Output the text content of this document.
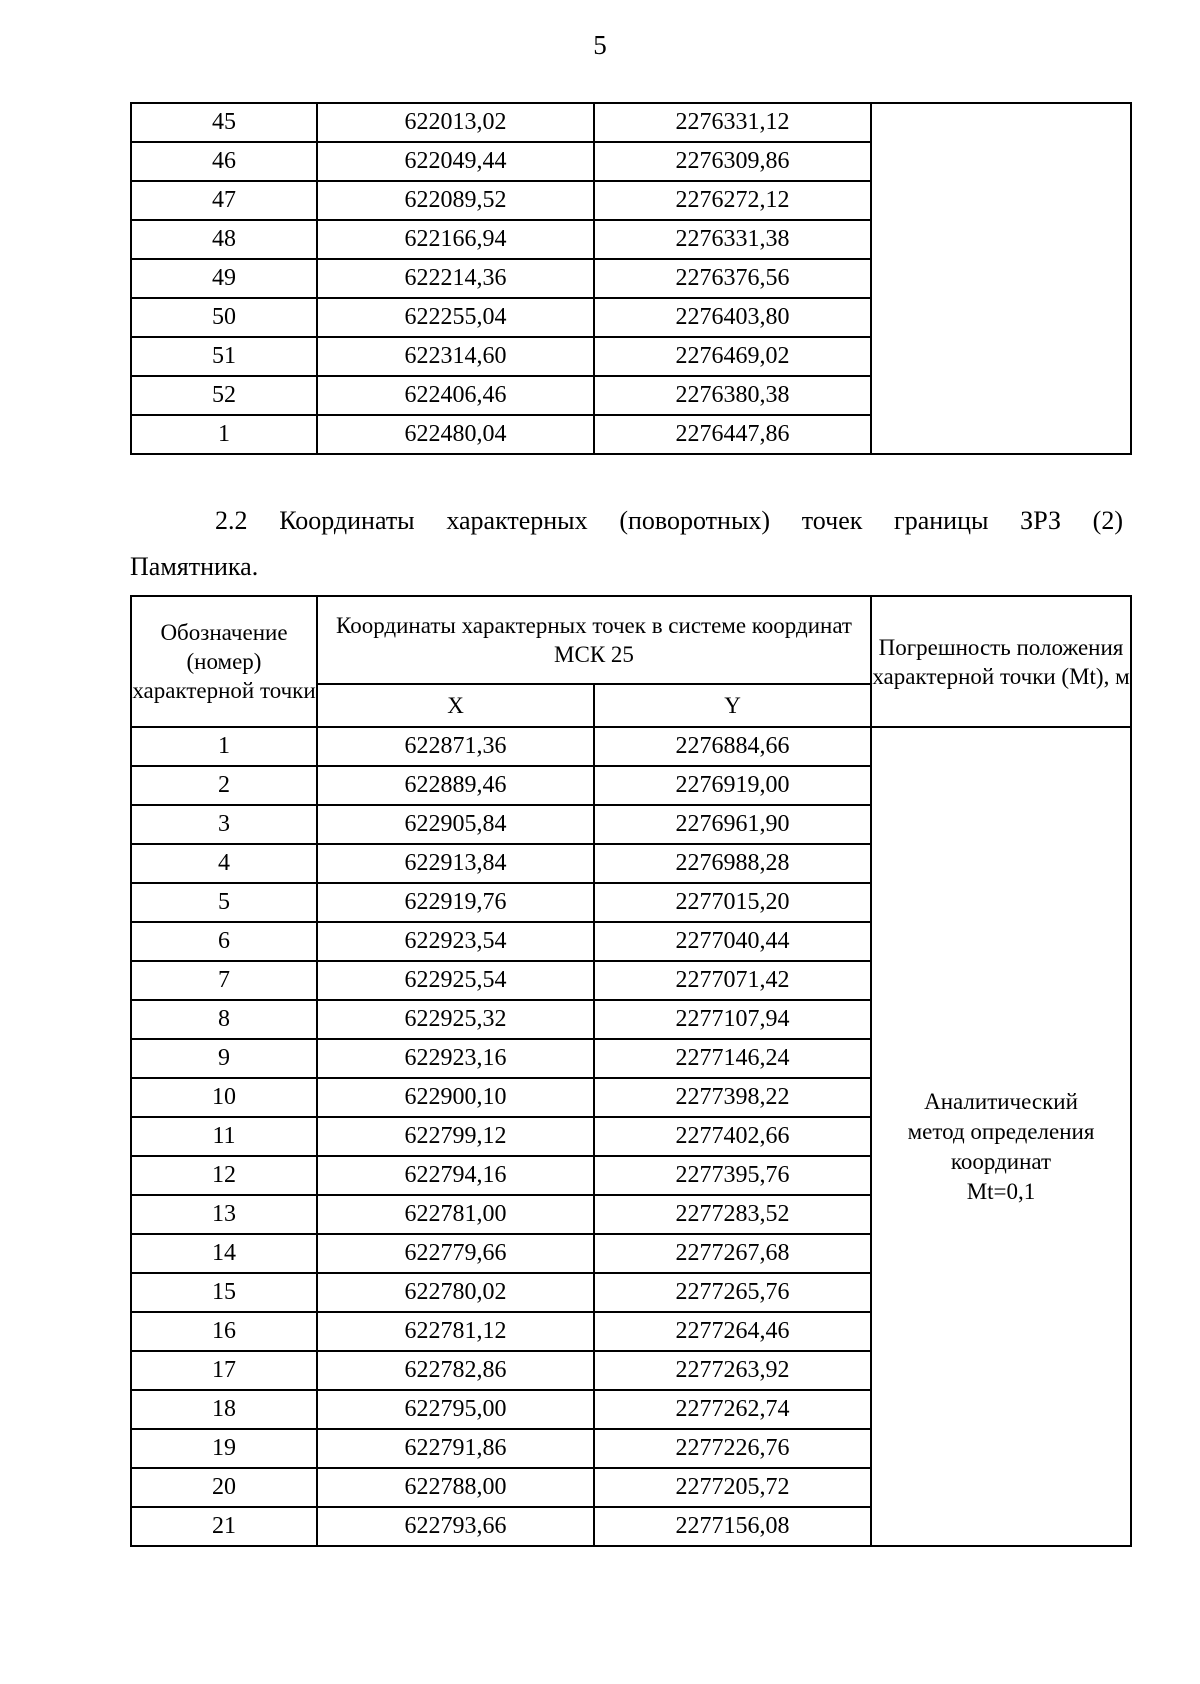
5
45	622013,02	2276331,12	
46	622049,44	2276309,86	
47	622089,52	2276272,12	
48	622166,94	2276331,38	
49	622214,36	2276376,56	
50	622255,04	2276403,80	
51	622314,60	2276469,02	
52	622406,46	2276380,38	
1	622480,04	2276447,86	
2.2 Координаты характерных (поворотных) точек границы ЗРЗ (2)
Памятника.
Обозначение (номер) характерной точки	Координаты характерных точек в системе координат МСК 25		Погрешность положения характерной точки (Mt), м
	X	Y	
1	622871,36	2276884,66	Аналитический
метод определения
координат
Mt=0,1

2	622889,46	2276919,00	
3	622905,84	2276961,90	
4	622913,84	2276988,28	
5	622919,76	2277015,20	
6	622923,54	2277040,44	
7	622925,54	2277071,42	
8	622925,32	2277107,94	
9	622923,16	2277146,24	
10	622900,10	2277398,22	
11	622799,12	2277402,66	
12	622794,16	2277395,76	
13	622781,00	2277283,52	
14	622779,66	2277267,68	
15	622780,02	2277265,76	
16	622781,12	2277264,46	
17	622782,86	2277263,92	
18	622795,00	2277262,74	
19	622791,86	2277226,76	
20	622788,00	2277205,72	
21	622793,66	2277156,08	
